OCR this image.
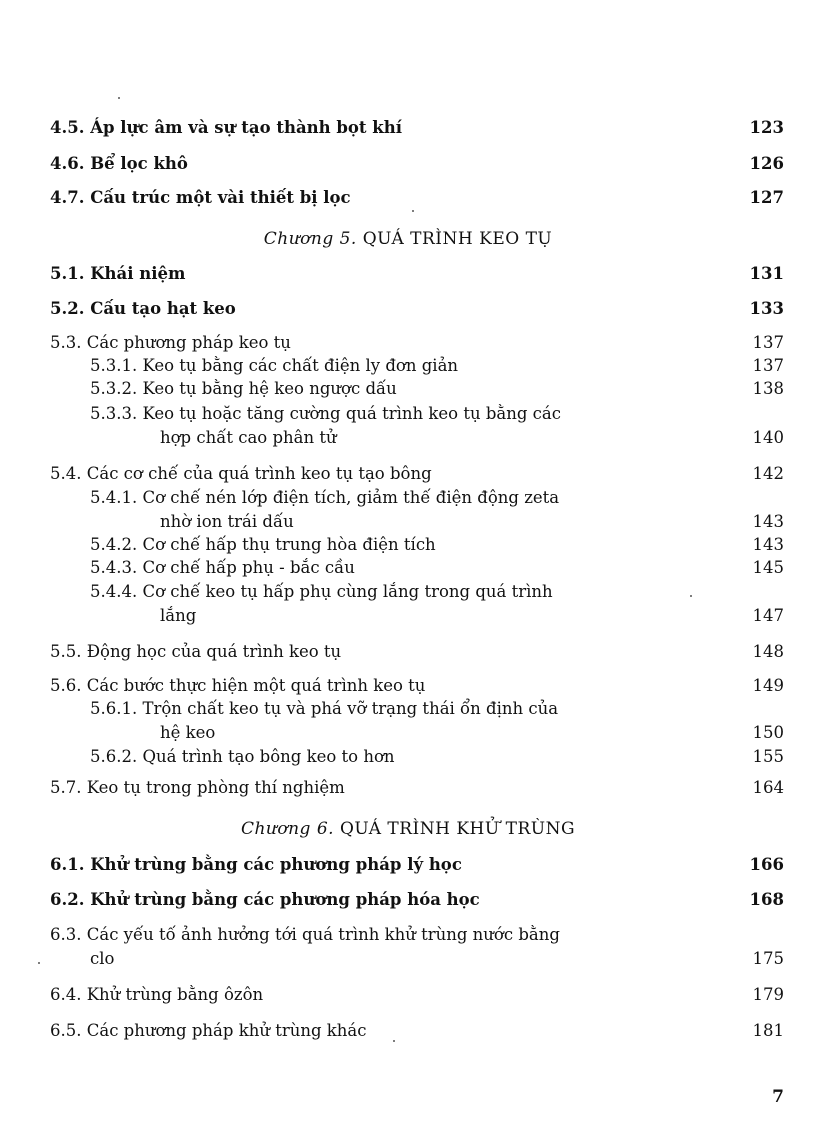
4.5. Áp lực âm và sự tạo thành bọt khí	123
4.6. Bể lọc khô	126
4.7. Cấu trúc một vài thiết bị lọc	127
Chương 5. QUÁ TRÌNH KEO TỤ
5.1. Khái niệm	131
5.2. Cấu tạo hạt keo	133
5.3. Các phương pháp keo tụ	137
5.3.1. Keo tụ bằng các chất điện ly đơn giản	137
5.3.2. Keo tụ bằng hệ keo ngược dấu	138
5.3.3. Keo tụ hoặc tăng cường quá trình keo tụ bằng các
hợp chất cao phân tử	140
5.4. Các cơ chế của quá trình keo tụ tạo bông	142
5.4.1. Cơ chế nén lớp điện tích, giảm thế điện động zeta
nhờ ion trái dấu	143
5.4.2. Cơ chế hấp thụ trung hòa điện tích	143
5.4.3. Cơ chế hấp phụ - bắc cầu	145
5.4.4. Cơ chế keo tụ hấp phụ cùng lắng trong quá trình
lắng	147
5.5. Động học của quá trình keo tụ	148
5.6. Các bước thực hiện một quá trình keo tụ	149
5.6.1. Trộn chất keo tụ và phá vỡ trạng thái ổn định của
hệ keo	150
5.6.2. Quá trình tạo bông keo to hơn	155
5.7. Keo tụ trong phòng thí nghiệm	164
Chương 6. QUÁ TRÌNH KHỬ TRÙNG
6.1. Khử trùng bằng các phương pháp lý học	166
6.2. Khử trùng bằng các phương pháp hóa học	168
6.3. Các yếu tố ảnh hưởng tới quá trình khử trùng nước bằng
clo	175
6.4. Khử trùng bằng ôzôn	179
6.5. Các phương pháp khử trùng khác	181
7
